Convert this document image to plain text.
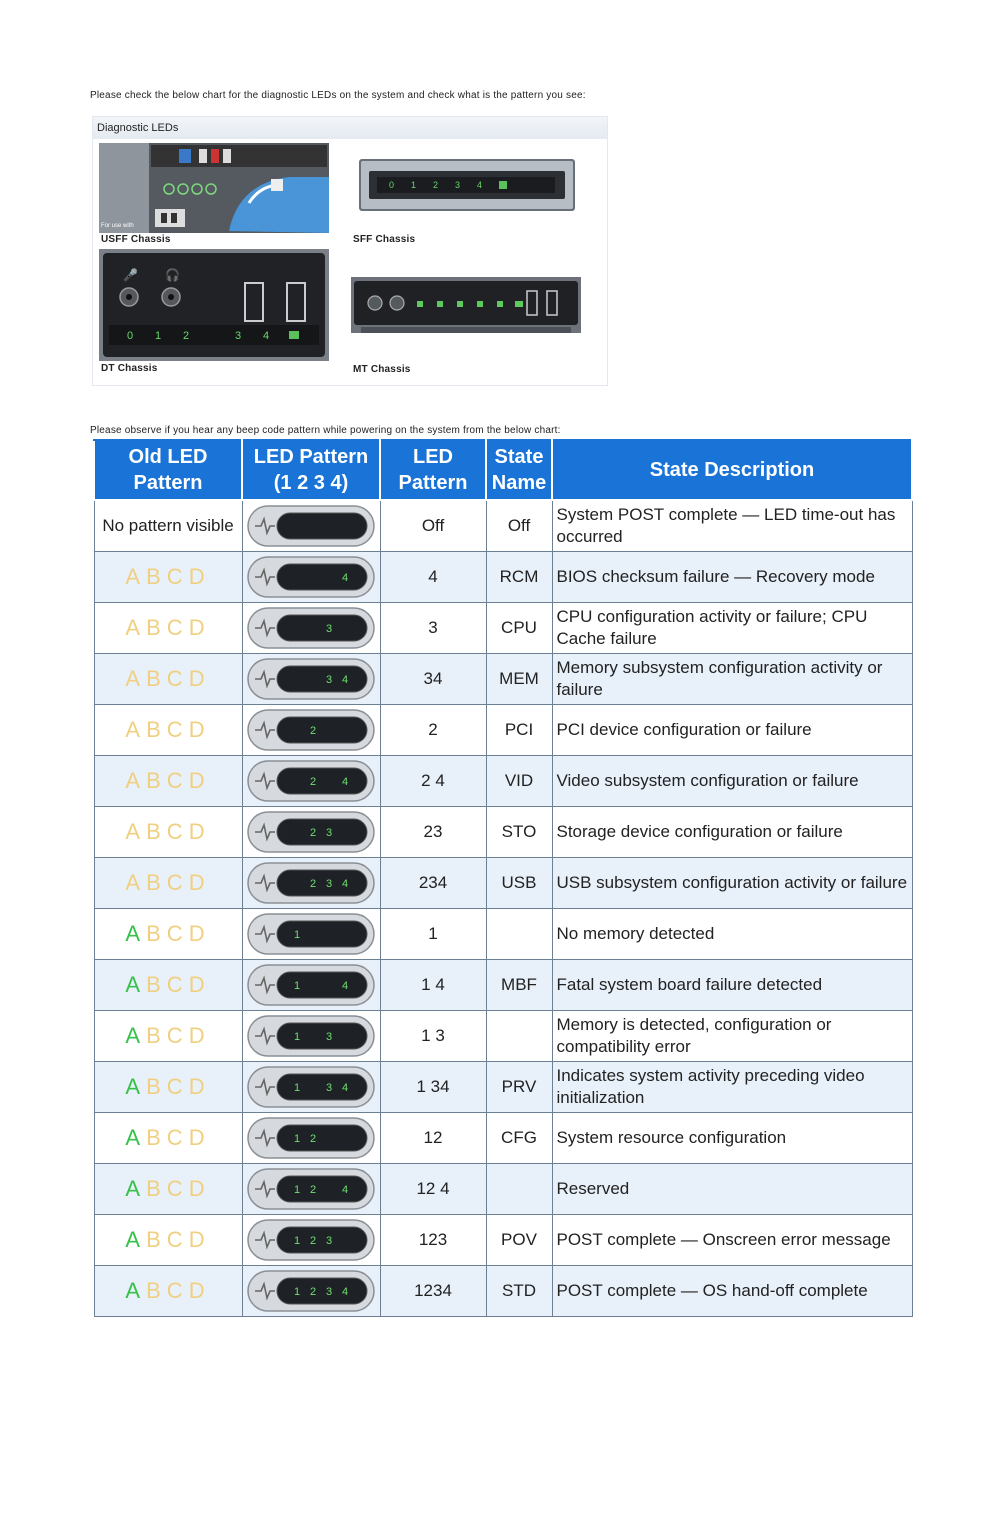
Please check the below chart for the diagnostic LEDs on the system and check what is the pattern you see:
Diagnostic LEDs
For use with
USFF Chassis
0 1 2 3 4
SFF Chassis
🎤 🎧
0 1 2	3 4
DT Chassis	MT Chassis
Please observe if you hear any beep code pattern while powering on the system from the below chart:
Old LED Pattern	LED Pattern (1 2 3 4)	LED Pattern	State Name	State Description
No pattern visible		Off	Off	System POST complete — LED time-out has occurred
ABCD	4	4	RCM	BIOS checksum failure — Recovery mode
ABCD	3	3	CPU	CPU configuration activity or failure; CPU Cache failure
ABCD	3 4	34	MEM	Memory subsystem configuration activity or failure
ABCD	2	2	PCI	PCI device configuration or failure
ABCD	2 4	2 4	VID	Video subsystem configuration or failure
ABCD	2 3	23	STO	Storage device configuration or failure
ABCD	2 3 4	234	USB	USB subsystem configuration activity or failure
ABCD	1	1		No memory detected
ABCD	1 4	1 4	MBF	Fatal system board failure detected
ABCD	1 3	1 3		Memory is detected, configuration or compatibility error
ABCD	1 3 4	1 34	PRV	Indicates system activity preceding video initialization
ABCD	1 2	12	CFG	System resource configuration
ABCD	1 2 4	12 4		Reserved
ABCD	1 2 3	123	POV	POST complete — Onscreen error message
ABCD	1 2 3 4	1234	STD	POST complete — OS hand-off complete
